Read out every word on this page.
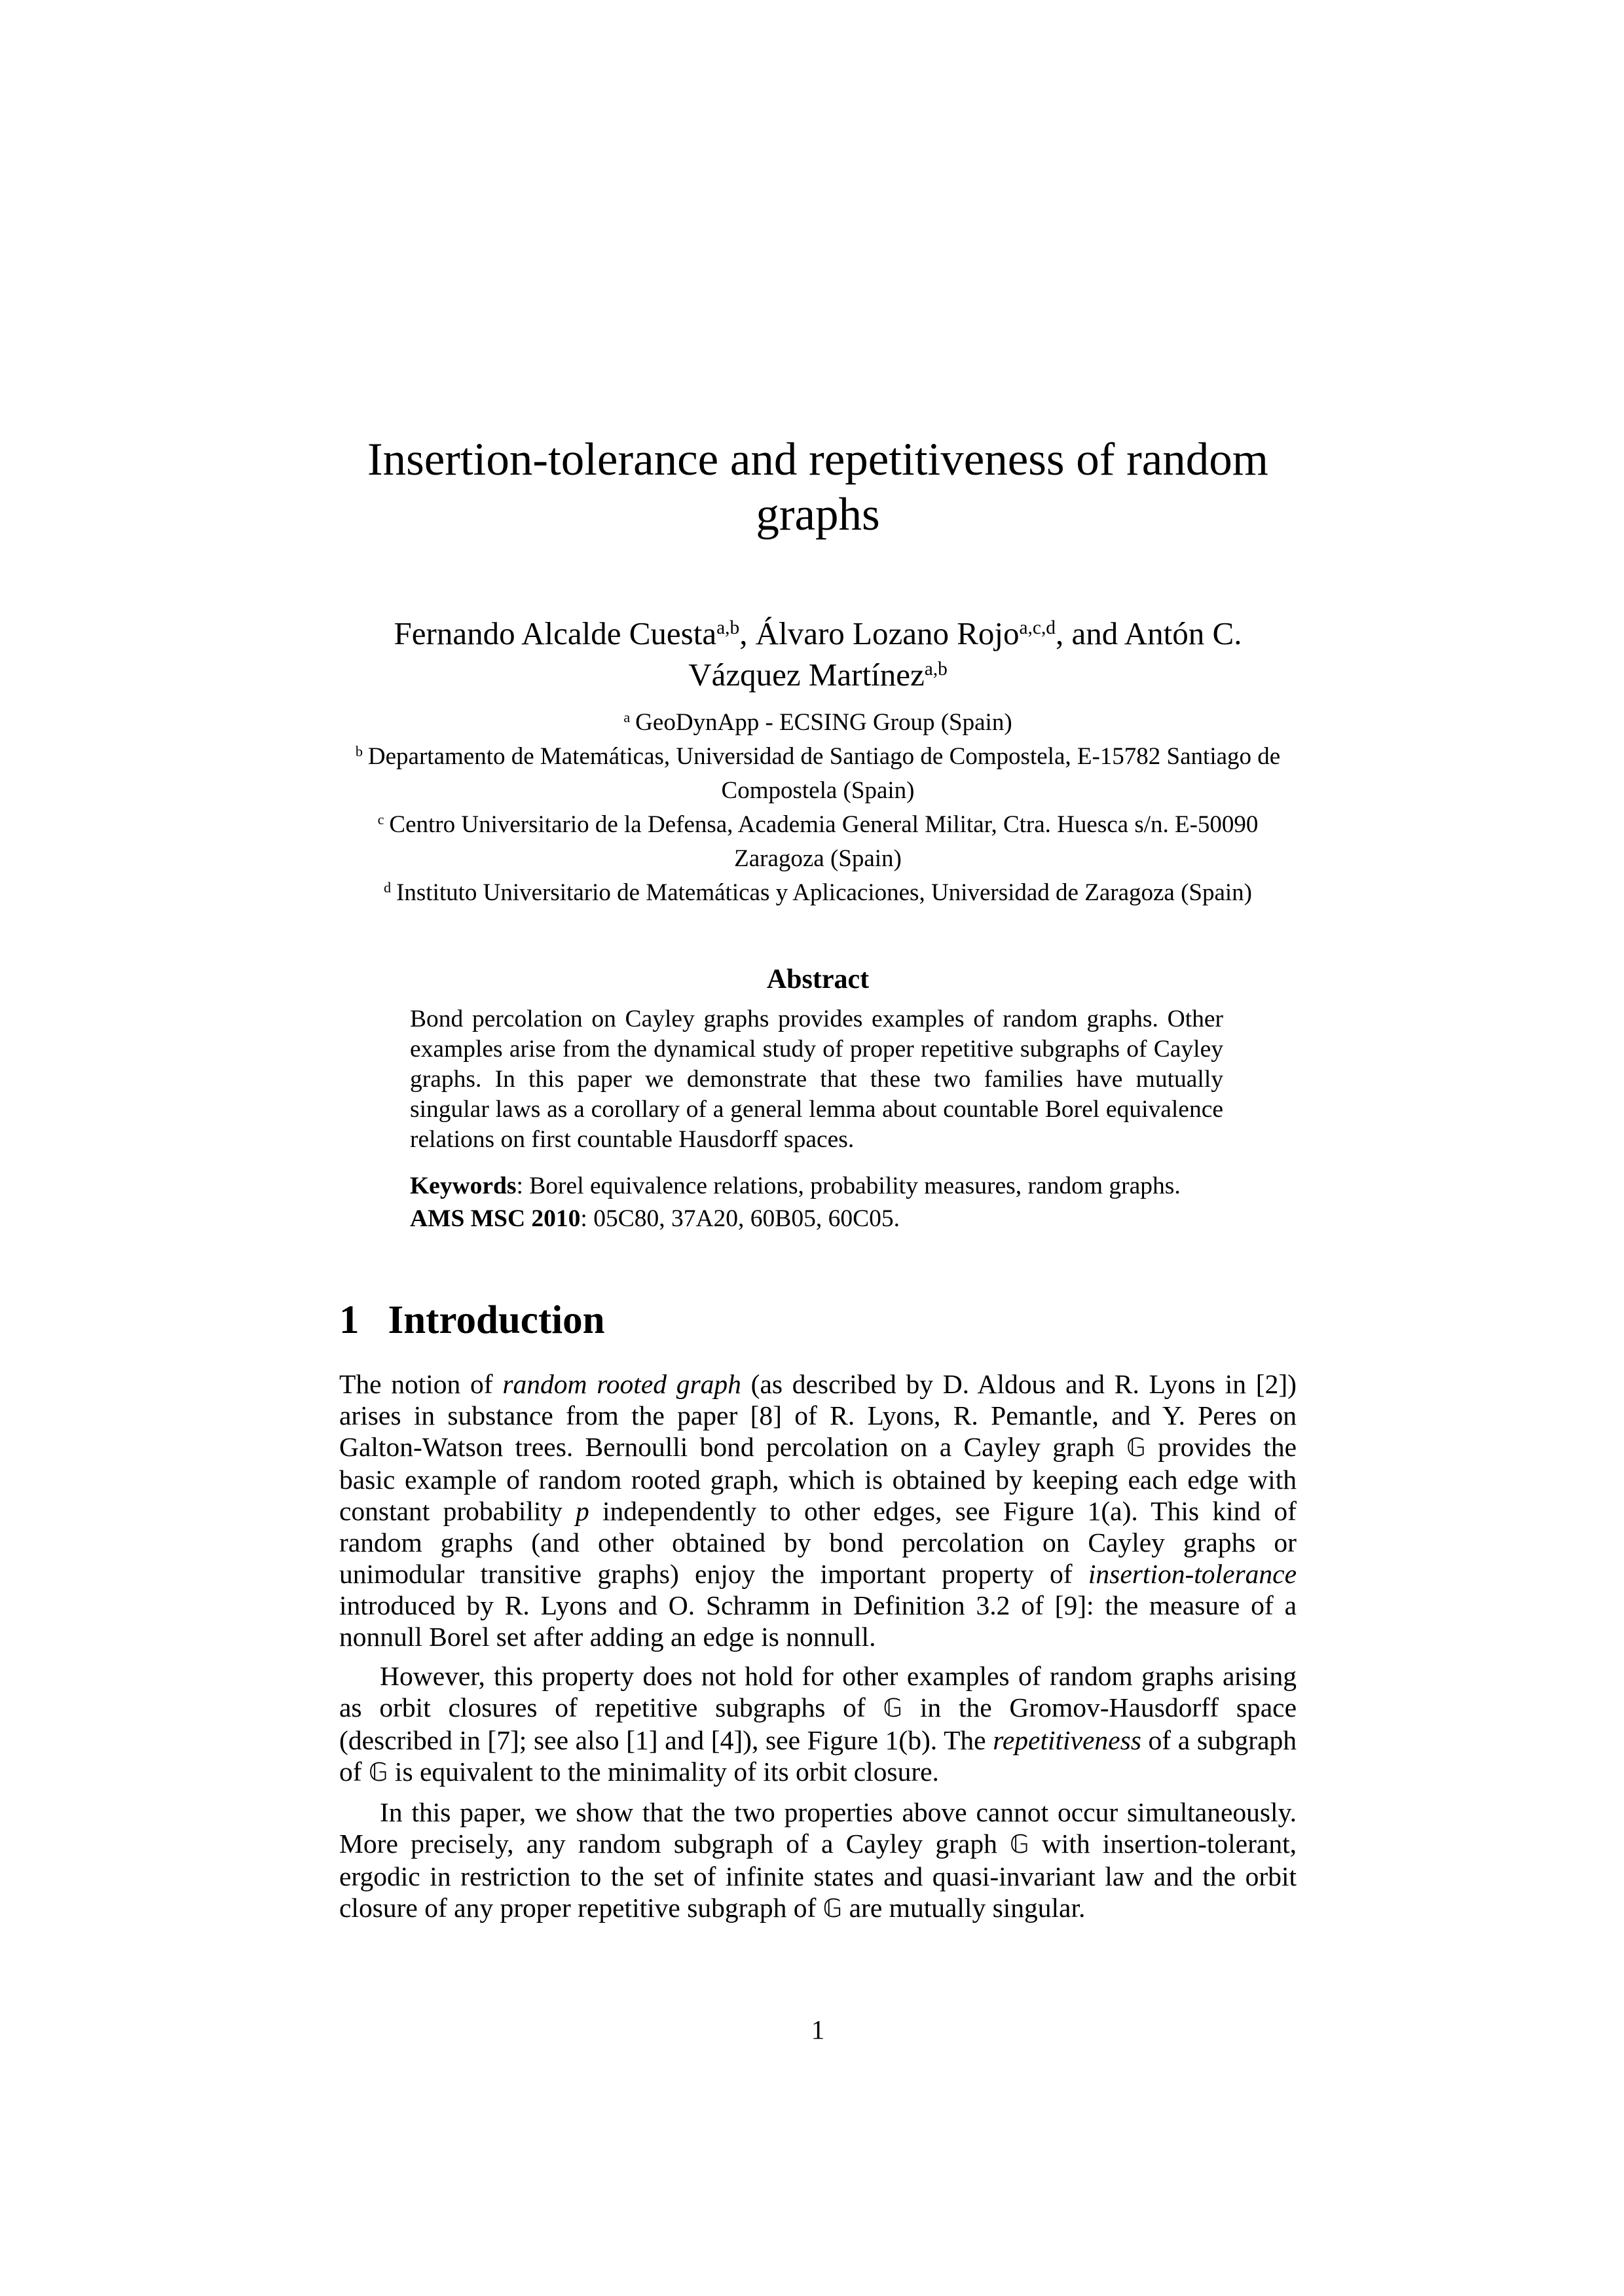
Insertion-tolerance and repetitiveness of random graphs
Fernando Alcalde Cuesta$^{a,b}$, Álvaro Lozano Rojo$^{a,c,d}$, and Antón C. Vázquez Martínez$^{a,b}$
$^a$ GeoDynApp - ECSING Group (Spain)
$^b$ Departamento de Matemáticas, Universidad de Santiago de Compostela, E-15782 Santiago de Compostela (Spain)
$^c$ Centro Universitario de la Defensa, Academia General Militar, Ctra. Huesca s/n. E-50090 Zaragoza (Spain)
$^d$ Instituto Universitario de Matemáticas y Aplicaciones, Universidad de Zaragoza (Spain)
Abstract

Bond percolation on Cayley graphs provides examples of random graphs. Other examples arise from the dynamical study of proper repetitive subgraphs of Cayley graphs. In this paper we demonstrate that these two families have mutually singular laws as a corollary of a general lemma about countable Borel equivalence relations on first countable Hausdorff spaces.

Keywords: Borel equivalence relations, probability measures, random graphs.

AMS MSC 2010: 05C80, 37A20, 60B05, 60C05.

1 Introduction

The notion of random rooted graph (as described by D. Aldous and R. Lyons in [2]) arises in substance from the paper [8] of R. Lyons, R. Pemantle, and Y. Peres on Galton-Watson trees. Bernoulli bond percolation on a Cayley graph 𝔾 provides the basic example of random rooted graph, which is obtained by keeping each edge with constant probability p independently to other edges, see Figure 1(a). This kind of random graphs (and other obtained by bond percolation on Cayley graphs or unimodular transitive graphs) enjoy the important property of insertion-tolerance introduced by R. Lyons and O. Schramm in Definition 3.2 of [9]: the measure of a nonnull Borel set after adding an edge is nonnull.

However, this property does not hold for other examples of random graphs arising as orbit closures of repetitive subgraphs of 𝔾 in the Gromov-Hausdorff space (described in [7]; see also [1] and [4]), see Figure 1(b). The repetitiveness of a subgraph of 𝔾 is equivalent to the minimality of its orbit closure.

In this paper, we show that the two properties above cannot occur simultaneously. More precisely, any random subgraph of a Cayley graph 𝔾 with insertion-tolerant, ergodic in restriction to the set of infinite states and quasi-invariant law and the orbit closure of any proper repetitive subgraph of 𝔾 are mutually singular.

1
